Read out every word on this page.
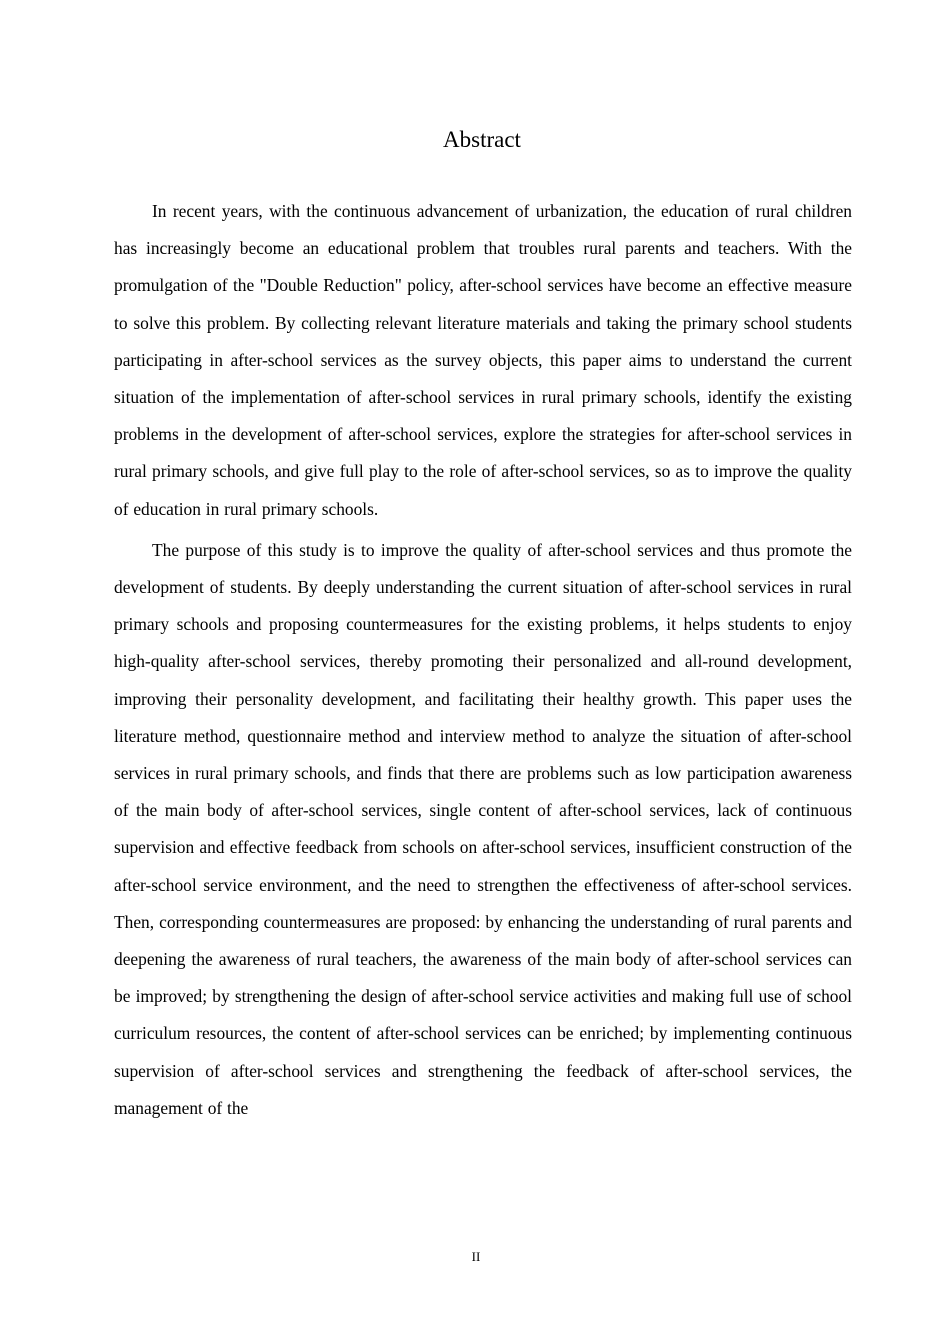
Abstract

In recent years, with the continuous advancement of urbanization, the education of rural children has increasingly become an educational problem that troubles rural parents and teachers. With the promulgation of the "Double Reduction" policy, after-school services have become an effective measure to solve this problem. By collecting relevant literature materials and taking the primary school students participating in after-school services as the survey objects, this paper aims to understand the current situation of the implementation of after-school services in rural primary schools, identify the existing problems in the development of after-school services, explore the strategies for after-school services in rural primary schools, and give full play to the role of after-school services, so as to improve the quality of education in rural primary schools.

The purpose of this study is to improve the quality of after-school services and thus promote the development of students. By deeply understanding the current situation of after-school services in rural primary schools and proposing countermeasures for the existing problems, it helps students to enjoy high-quality after-school services, thereby promoting their personalized and all-round development, improving their personality development, and facilitating their healthy growth. This paper uses the literature method, questionnaire method and interview method to analyze the situation of after-school services in rural primary schools, and finds that there are problems such as low participation awareness of the main body of after-school services, single content of after-school services, lack of continuous supervision and effective feedback from schools on after-school services, insufficient construction of the after-school service environment, and the need to strengthen the effectiveness of after-school services. Then, corresponding countermeasures are proposed: by enhancing the understanding of rural parents and deepening the awareness of rural teachers, the awareness of the main body of after-school services can be improved; by strengthening the design of after-school service activities and making full use of school curriculum resources, the content of after-school services can be enriched; by implementing continuous supervision of after-school services and strengthening the feedback of after-school services, the management of the

II
